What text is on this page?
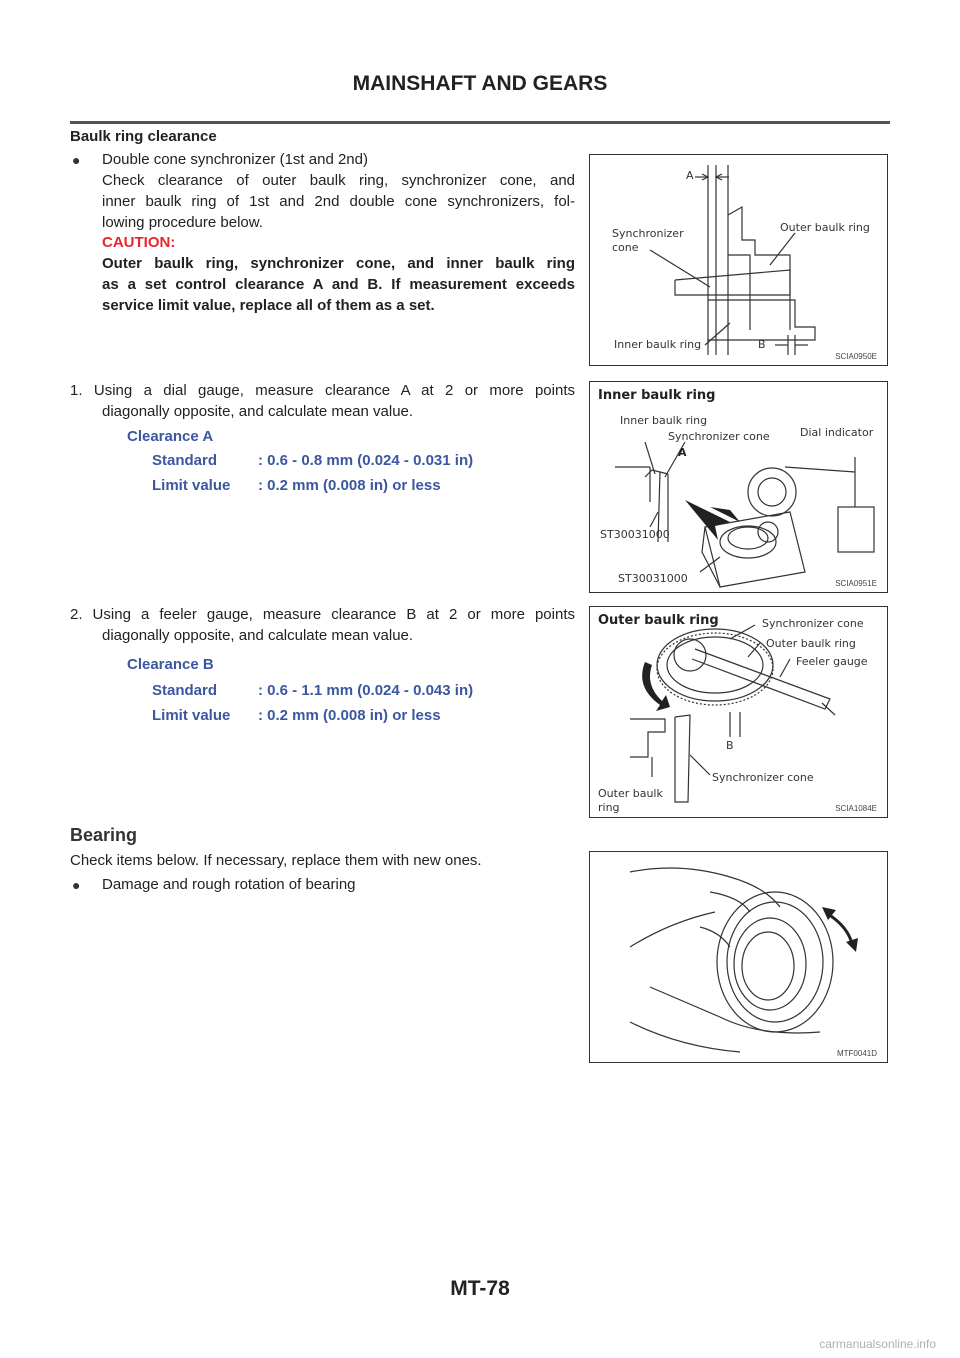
MAINSHAFT AND GEARS
Baulk ring clearance
● Double cone synchronizer (1st and 2nd)
Check clearance of outer baulk ring, synchronizer cone, and
inner baulk ring of 1st and 2nd double cone synchronizers, fol-
lowing procedure below.
CAUTION:
Outer baulk ring, synchronizer cone, and inner baulk ring
as a set control clearance A and B. If measurement exceeds
service limit value, replace all of them as a set.
1. Using a dial gauge, measure clearance A at 2 or more points
diagonally opposite, and calculate mean value.
Clearance A
Standard	: 0.6 - 0.8 mm (0.024 - 0.031 in)
Limit value : 0.2 mm (0.008 in) or less
2. Using a feeler gauge, measure clearance B at 2 or more points
diagonally opposite, and calculate mean value.
Clearance B
Standard	: 0.6 - 1.1 mm (0.024 - 0.043 in)
Limit value : 0.2 mm (0.008 in) or less
Bearing
Check items below. If necessary, replace them with new ones.
● Damage and rough rotation of bearing
A
Synchronizer
cone
Outer baulk ring
Inner baulk ring	B
SCIA0950E
Inner baulk ring
Inner baulk ring
Synchronizer cone	Dial indicator
A
ST30031000
ST30031000	SCIA0951E
Outer baulk ring	Synchronizer cone
Outer baulk ring
Feeler gauge
B
Outer baulk
ring
Synchronizer cone
SCIA1084E
MTF0041D
MT-78
carmanualsonline.info
